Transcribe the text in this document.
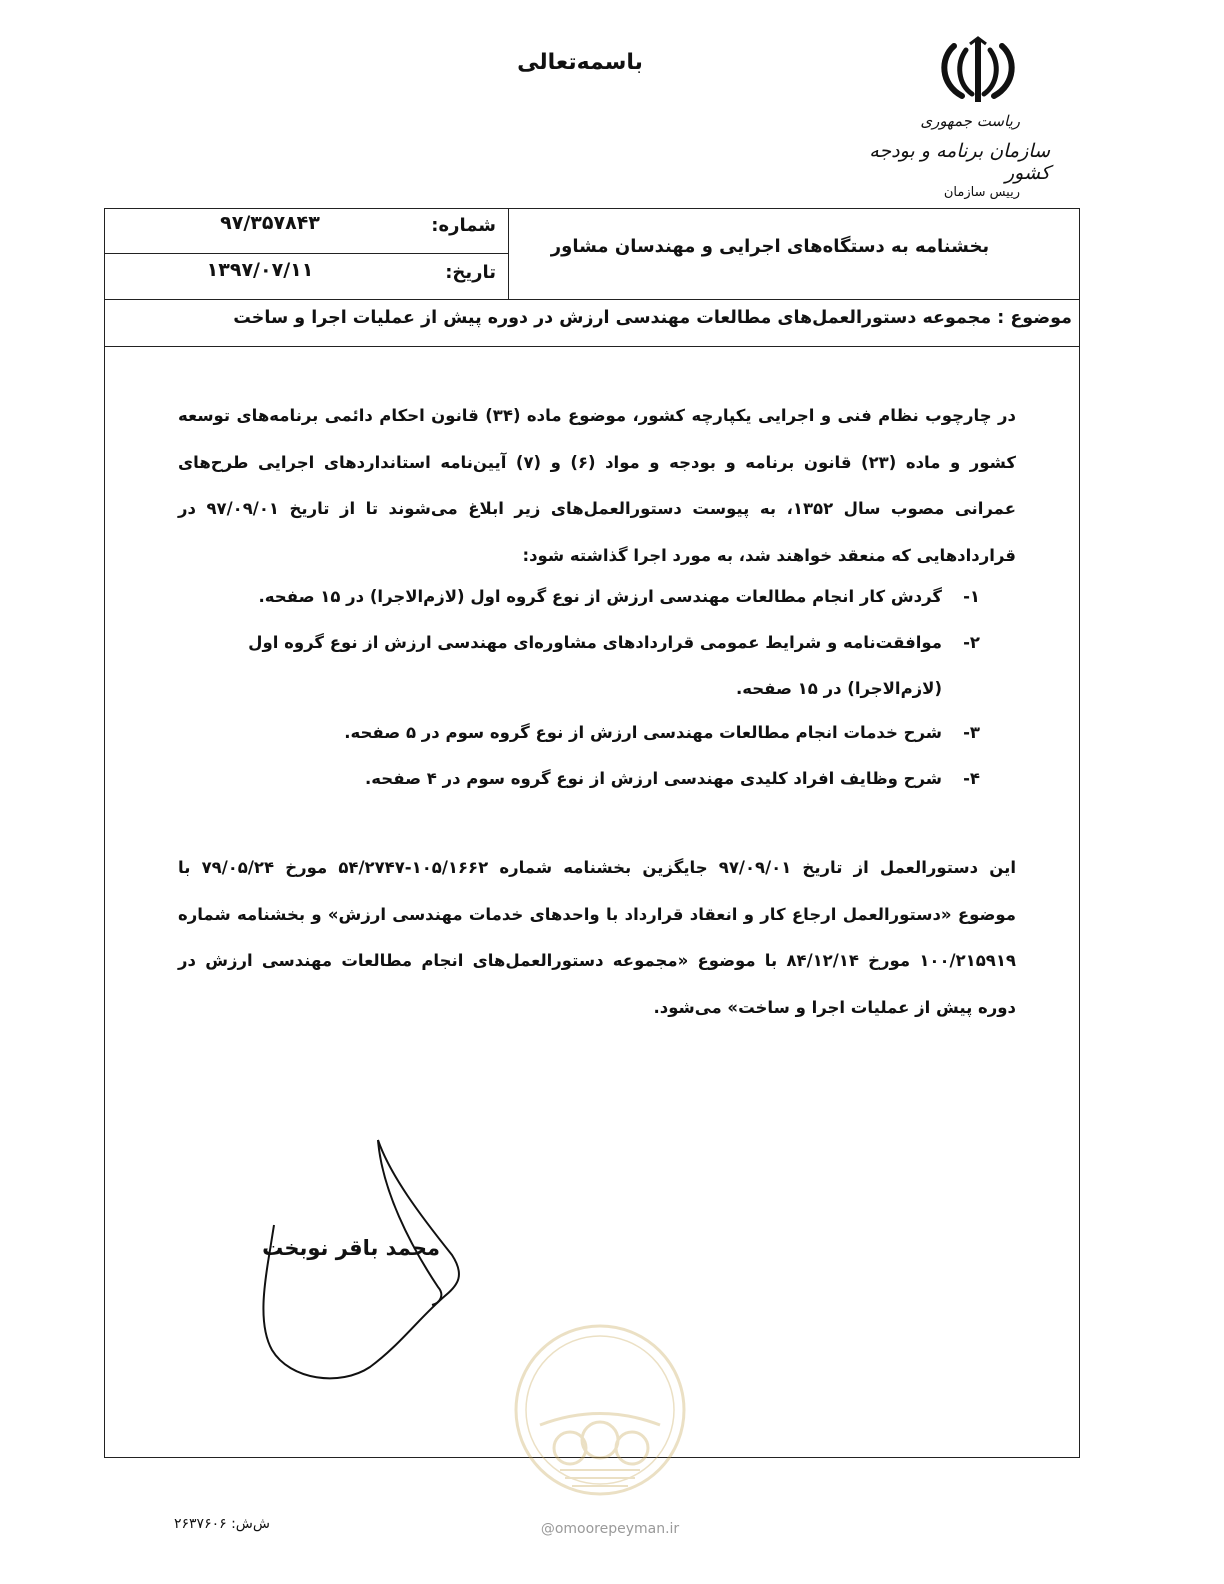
باسمه‌تعالی
ریاست جمهوری
سازمان برنامه و بودجه کشور
رییس سازمان
شماره:
۹۷/۳۵۷۸۴۳
تاریخ:
۱۳۹۷/۰۷/۱۱
بخشنامه به دستگاه‌های اجرایی و مهندسان مشاور
موضوع : مجموعه دستورالعمل‌های مطالعات مهندسی ارزش در دوره پیش از عملیات اجرا و ساخت
در چارچوب نظام فنی و اجرایی یکپارچه کشور، موضوع ماده (۳۴) قانون احکام دائمی برنامه‌های توسعه کشور و ماده (۲۳) قانون برنامه و بودجه و مواد (۶) و (۷) آیین‌نامه استانداردهای اجرایی طرح‌های عمرانی مصوب سال ۱۳۵۲، به پیوست دستورالعمل‌های زیر ابلاغ می‌شوند تا از تاریخ ۹۷/۰۹/۰۱ در قراردادهایی که منعقد خواهند شد، به مورد اجرا گذاشته شود:
۱-
گردش کار انجام مطالعات مهندسی ارزش از نوع گروه اول (لازم‌الاجرا) در ۱۵ صفحه.
۲-
موافقت‌نامه و شرایط عمومی قراردادهای مشاوره‌ای مهندسی ارزش از نوع گروه اول (لازم‌الاجرا) در ۱۵ صفحه.
۳-
شرح خدمات انجام مطالعات مهندسی ارزش از نوع گروه سوم در ۵ صفحه.
۴-
شرح وظایف افراد کلیدی مهندسی ارزش از نوع گروه سوم در ۴ صفحه.
این دستورالعمل از تاریخ ۹۷/۰۹/۰۱ جایگزین بخشنامه شماره ۱۰۵/۱۶۶۲-۵۴/۲۷۴۷ مورخ ۷۹/۰۵/۲۴ با موضوع «دستورالعمل ارجاع کار و انعقاد قرارداد با واحدهای خدمات مهندسی ارزش» و بخشنامه شماره ۱۰۰/۲۱۵۹۱۹ مورخ ۸۴/۱۲/۱۴ با موضوع «مجموعه دستورالعمل‌های انجام مطالعات مهندسی ارزش در دوره پیش از عملیات اجرا و ساخت» می‌شود.
محمد باقر نوبخت
@omoorepeyman.ir
ش‌ش: ۲۶۳۷۶۰۶
